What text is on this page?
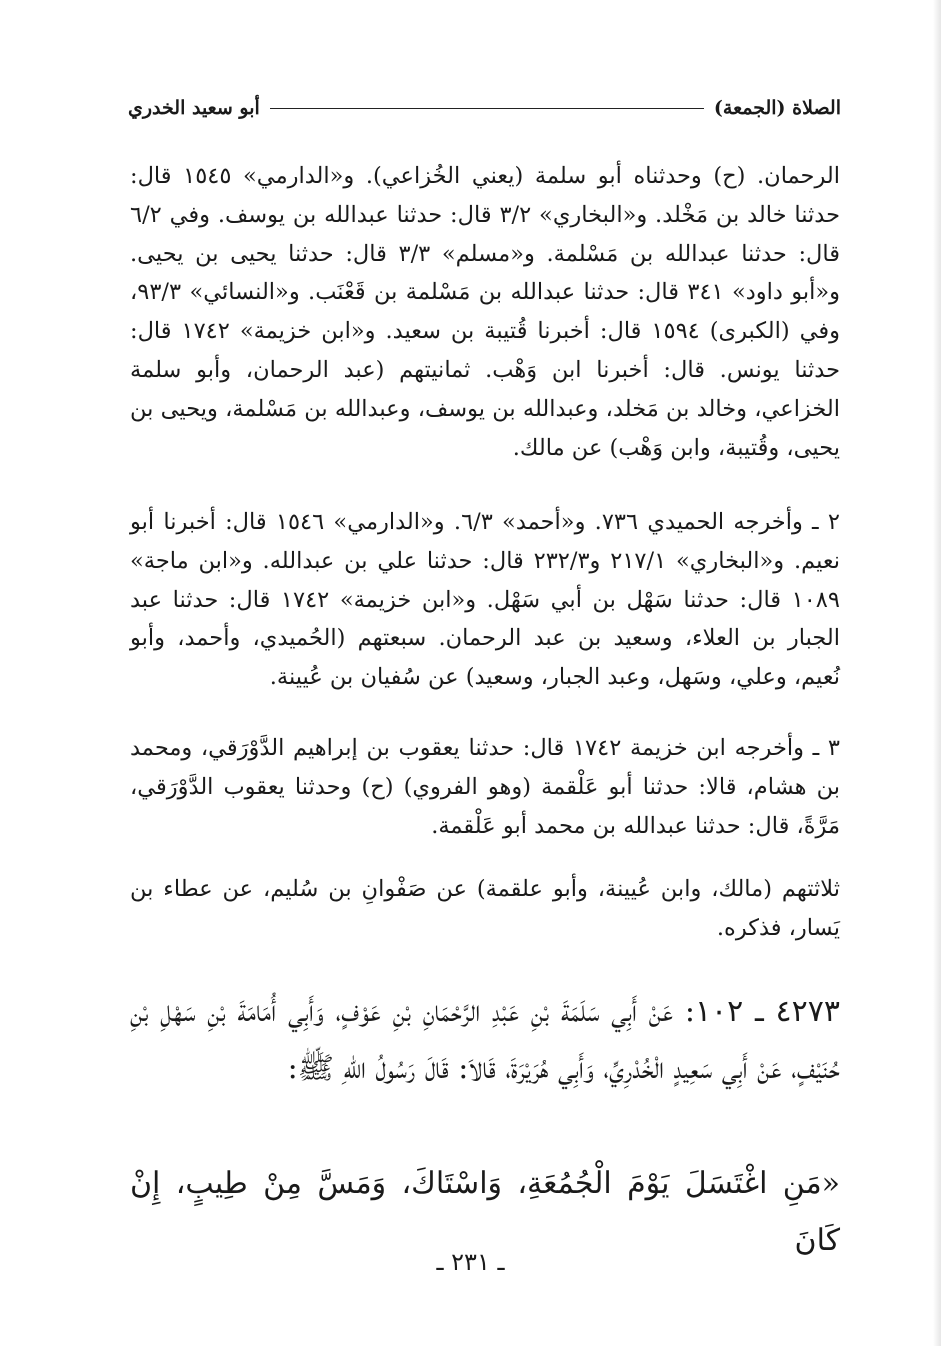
الصلاة (الجمعة)
أبو سعيد الخدري
الرحمان. (ح) وحدثناه أبو سلمة (يعني الخُزاعي). و«الدارمي» ١٥٤٥ قال: حدثنا خالد بن مَخْلد. و«البخاري» ٣/٢ قال: حدثنا عبدالله بن يوسف. وفي ٦/٢ قال: حدثنا عبدالله بن مَسْلمة. و«مسلم» ٣/٣ قال: حدثنا يحيى بن يحيى. و«أبو داود» ٣٤١ قال: حدثنا عبدالله بن مَسْلمة بن قَعْنَب. و«النسائي» ٩٣/٣، وفي (الكبرى) ١٥٩٤ قال: أخبرنا قُتيبة بن سعيد. و«ابن خزيمة» ١٧٤٢ قال: حدثنا يونس. قال: أخبرنا ابن وَهْب. ثمانيتهم (عبد الرحمان، وأبو سلمة الخزاعي، وخالد بن مَخلد، وعبدالله بن يوسف، وعبدالله بن مَسْلمة، ويحيى بن يحيى، وقُتيبة، وابن وَهْب) عن مالك.
٢ ـ وأخرجه الحميدي ٧٣٦. و«أحمد» ٦/٣. و«الدارمي» ١٥٤٦ قال: أخبرنا أبو نعيم. و«البخاري» ٢١٧/١ و٢٣٢/٣ قال: حدثنا علي بن عبدالله. و«ابن ماجة» ١٠٨٩ قال: حدثنا سَهْل بن أبي سَهْل. و«ابن خزيمة» ١٧٤٢ قال: حدثنا عبد الجبار بن العلاء، وسعيد بن عبد الرحمان. سبعتهم (الحُميدي، وأحمد، وأبو نُعيم، وعلي، وسَهل، وعبد الجبار، وسعيد) عن سُفيان بن عُيينة.
٣ ـ وأخرجه ابن خزيمة ١٧٤٢ قال: حدثنا يعقوب بن إبراهيم الدَّوْرَقي، ومحمد بن هشام، قالا: حدثنا أبو عَلْقمة (وهو الفروي) (ح) وحدثنا يعقوب الدَّوْرَقي، مَرَّةً، قال: حدثنا عبدالله بن محمد أبو عَلْقمة.
ثلاثتهم (مالك، وابن عُيينة، وأبو علقمة) عن صَفْوانِ بن سُليم، عن عطاء بن يَسار، فذكره.
٤٢٧٣ ـ ١٠٢: عَنْ أَبِي سَلَمَةَ بْنِ عَبْدِ الرَّحْمَانِ بْنِ عَوْفٍ، وَأَبِي أُمَامَةَ بْنِ سَهْلِ بْنِ حُنَيْفٍ، عَنْ أَبِي سَعِيدٍ الْخُدْرِيِّ، وَأَبِي هُرَيْرَةَ، قَالاَ: قَالَ رَسُولُ اللهِ ﷺ:
«مَنِ اغْتَسَلَ يَوْمَ الْجُمُعَةِ، وَاسْتَاكَ، وَمَسَّ مِنْ طِيبٍ، إِنْ كَانَ
ـ ٢٣١ ـ
